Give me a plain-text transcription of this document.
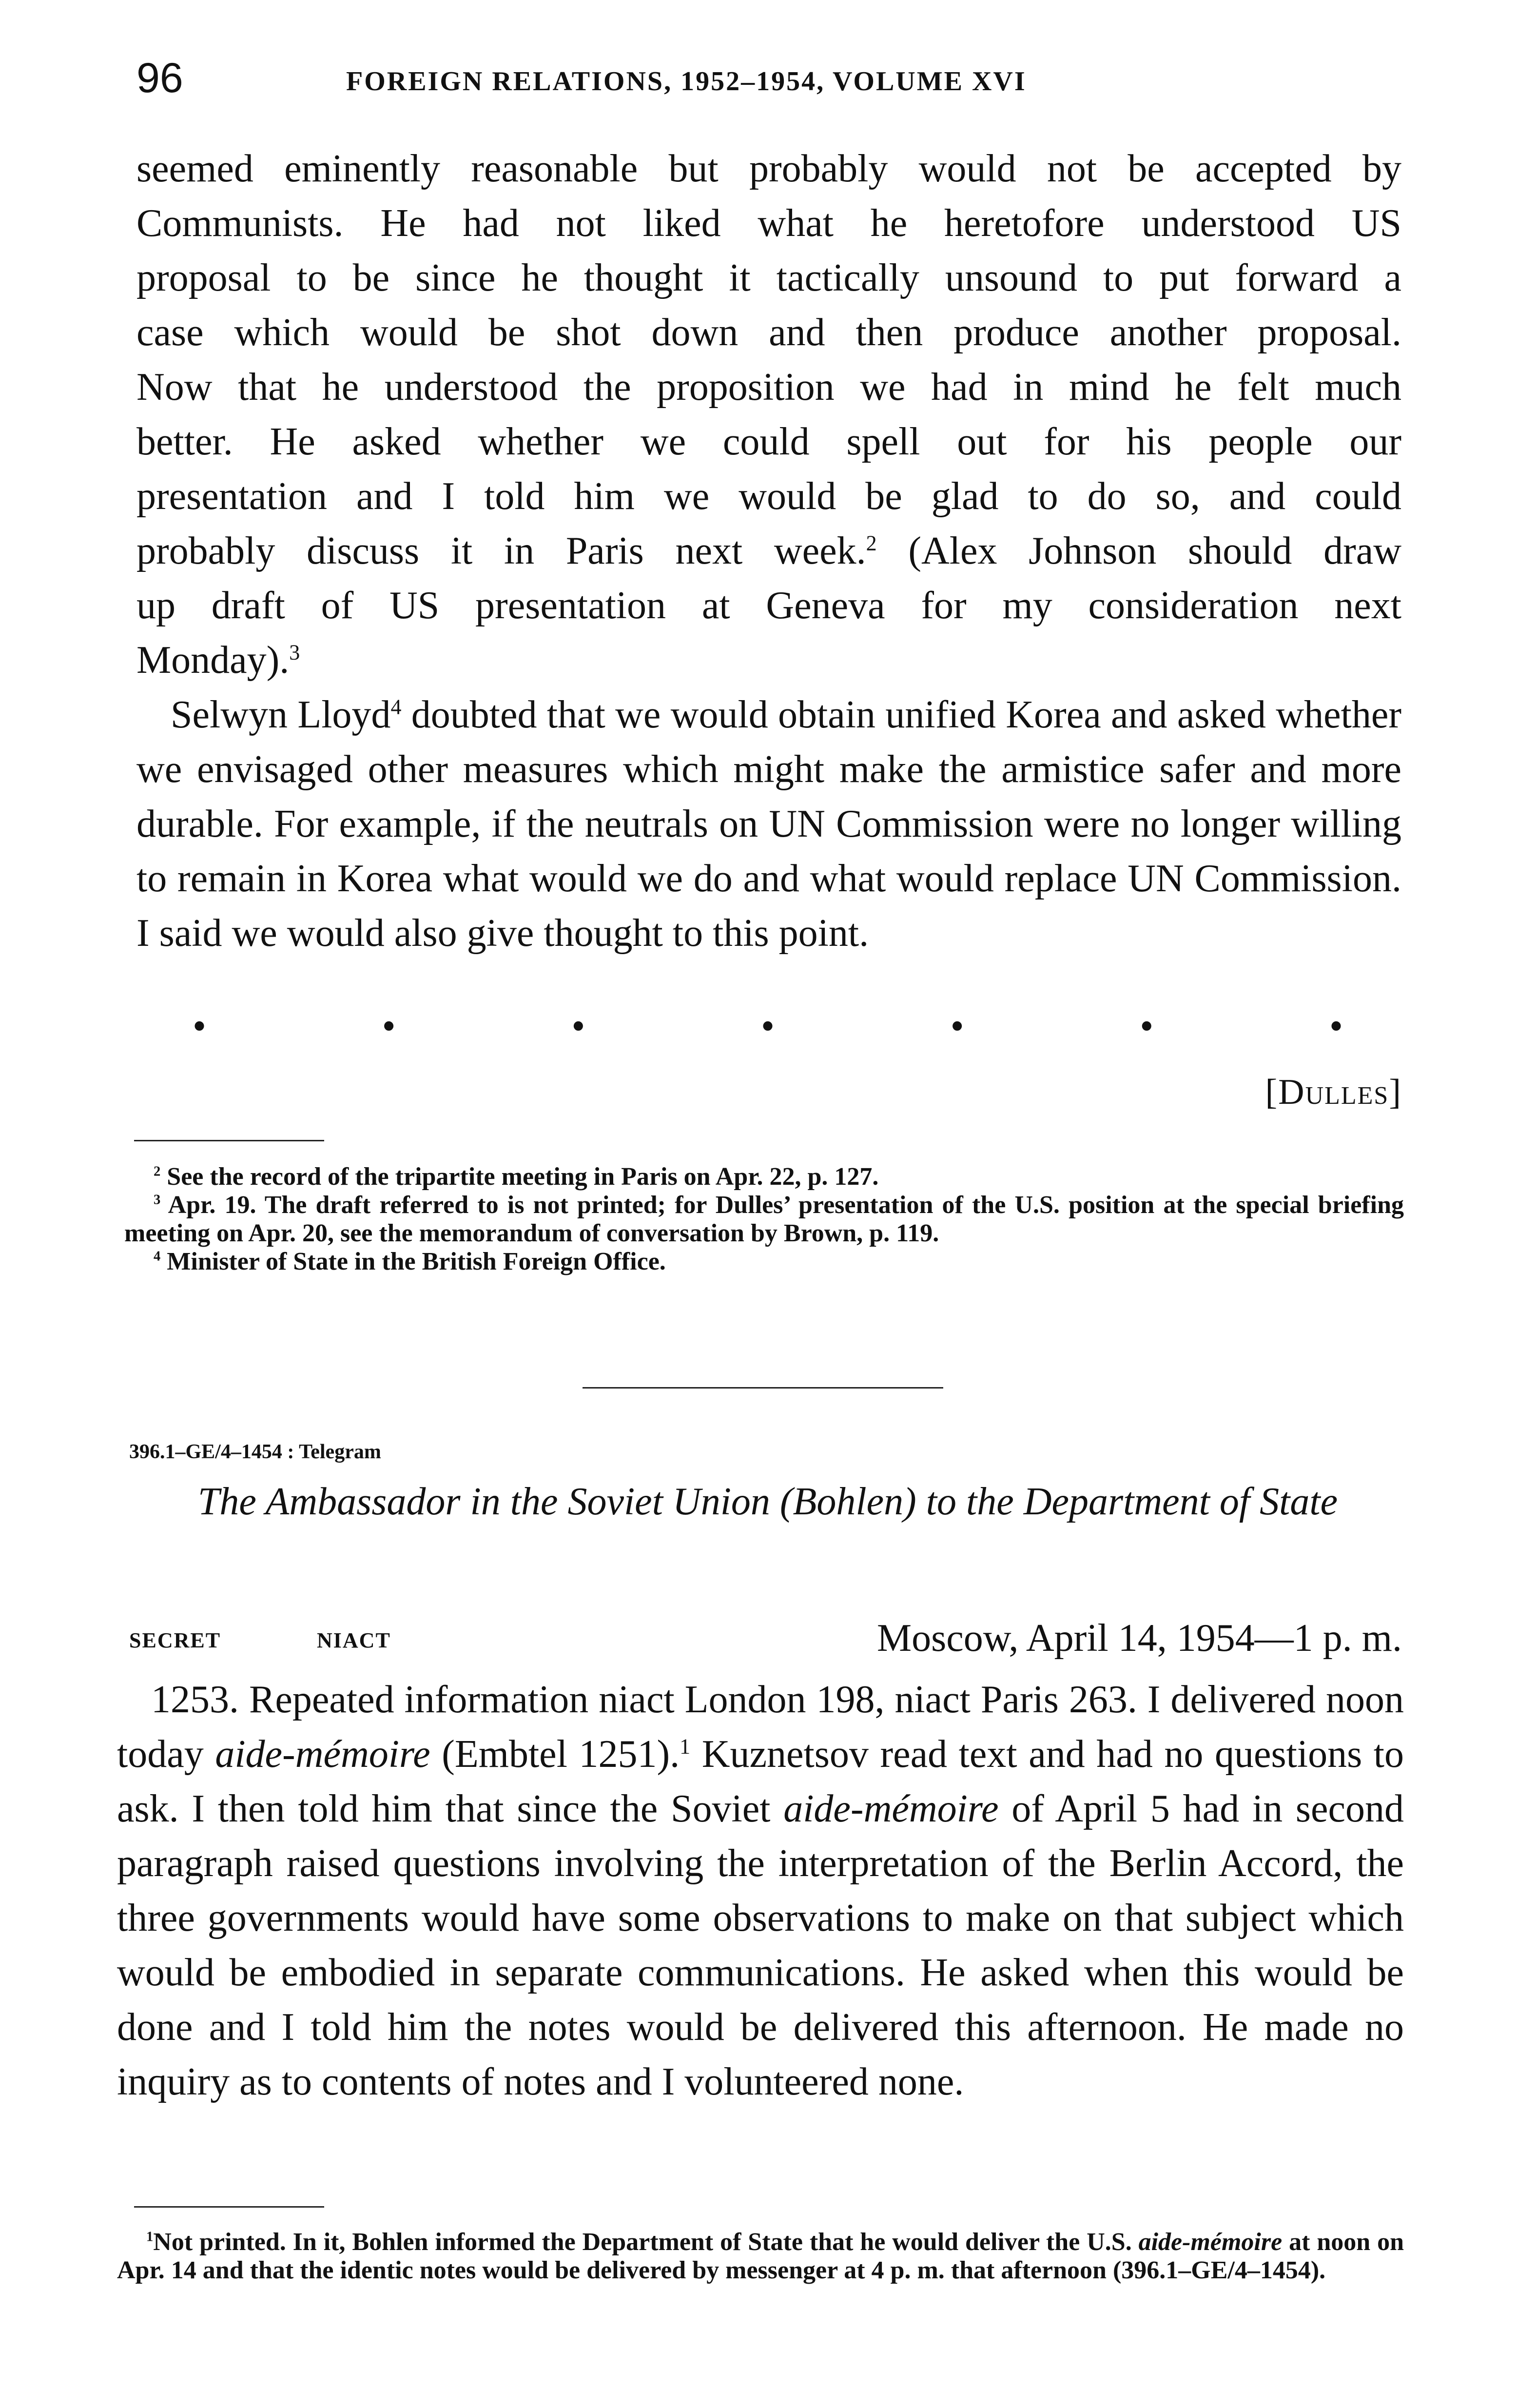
96	FOREIGN RELATIONS, 1952–1954, VOLUME XVI
seemed eminently reasonable but probably would not be accepted by
Communists. He had not liked what he heretofore understood US
proposal to be since he thought it tactically unsound to put forward a
case which would be shot down and then produce another proposal.
Now that he understood the proposition we had in mind he felt much
better. He asked whether we could spell out for his people our
presentation and I told him we would be glad to do so, and could
probably discuss it in Paris next week.$^2$ (Alex Johnson should draw
up draft of US presentation at Geneva for my consideration next
Monday).$^3$

Selwyn Lloyd$^4$ doubted that we would obtain unified Korea and asked whether we envisaged other measures which might make the armistice safer and more durable. For example, if the neutrals on UN Commission were no longer willing to remain in Korea what would we do and what would replace UN Commission. I said we would also give thought to this point.

•	•	•	•	•	•	•
[Dulles]

$^2$ See the record of the tripartite meeting in Paris on Apr. 22, p. 127.

$^3$ Apr. 19. The draft referred to is not printed; for Dulles’ presentation of the U.S. position at the special briefing meeting on Apr. 20, see the memorandum of conversation by Brown, p. 119.

$^4$ Minister of State in the British Foreign Office.

396.1–GE/4–1454 : Telegram
The Ambassador in the Soviet Union (Bohlen) to the Department of State
SECRET	NIACT	Moscow, April 14, 1954—1 p. m.

1253. Repeated information niact London 198, niact Paris 263. I delivered noon today aide-mémoire (Embtel 1251).$^1$ Kuznetsov read text and had no questions to ask. I then told him that since the Soviet aide-mémoire of April 5 had in second paragraph raised questions involving the interpretation of the Berlin Accord, the three governments would have some observations to make on that subject which would be embodied in separate communications. He asked when this would be done and I told him the notes would be delivered this afternoon. He made no inquiry as to contents of notes and I volunteered none.

$^1$Not printed. In it, Bohlen informed the Department of State that he would deliver the U.S. aide-mémoire at noon on Apr. 14 and that the identic notes would be delivered by messenger at 4 p. m. that afternoon (396.1–GE/4–1454).
